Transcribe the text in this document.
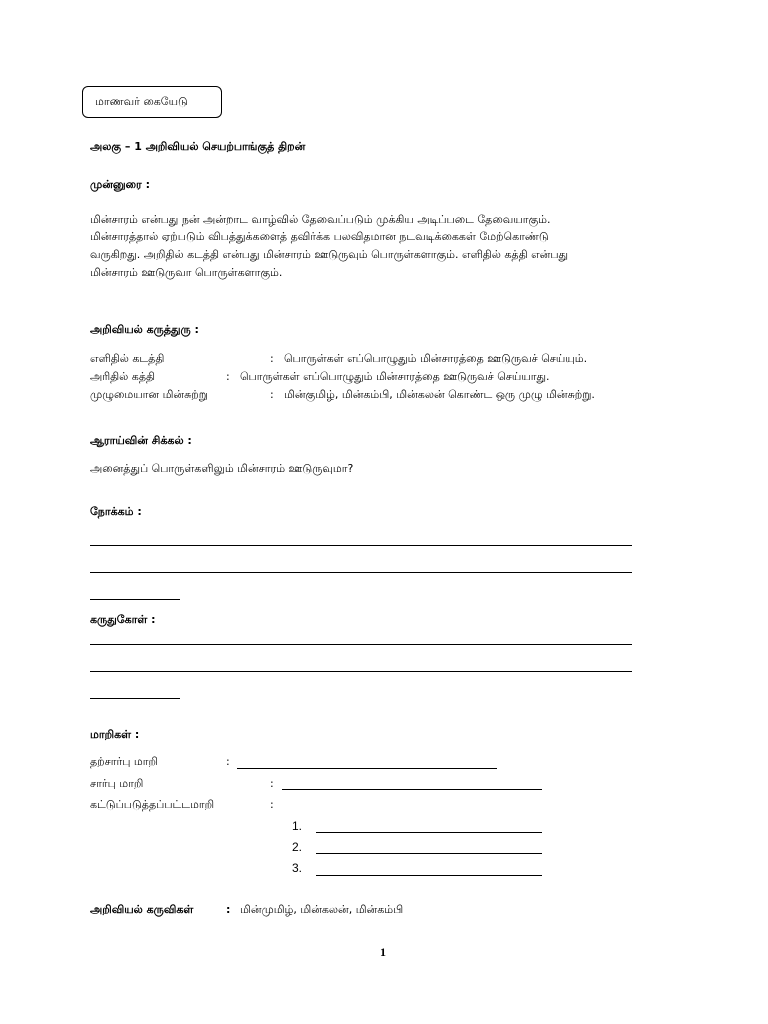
மாணவர் கையேடு
அலகு – 1 அறிவியல் செயற்பாங்குத் திறன்
முன்னுரை :
மின்சாரம் என்பது நன் அன்றாட வாழ்வில் தேவைப்படும் முக்கிய அடிப்படை தேவையாகும்.
மின்சாரத்தால் ஏற்படும் விபத்துக்களைத் தவிர்க்க பலவிதமான நடவடிக்கைகள் மேற்கொண்டு
வருகிறது. அறிதில் கடத்தி என்பது மின்சாரம் ஊடுருவும் பொருள்களாகும். எளிதில் கத்தி என்பது
மின்சாரம் ஊடுருவா பொருள்களாகும்.
அறிவியல் கருத்துரு :
எளிதில் கடத்தி	: பொருள்கள் எப்பொழுதும் மின்சாரத்தை ஊடுருவச் செய்யும்.
அரிதில் கத்தி	: பொருள்கள் எப்பொழுதும் மின்சாரத்தை ஊடுருவச் செய்யாது.
முழுமையான மின்சுற்று	: மின்குமிழ், மின்கம்பி, மின்கலன் கொண்ட ஒரு முழு மின்சுற்று.
ஆராய்வின் சிக்கல் :
அனைத்துப் பொருள்களிலும் மின்சாரம் ஊடுருவுமா?
நோக்கம் :
கருதுகோள் :
மாறிகள் :
தற்சார்பு மாறி	:
சார்பு மாறி	:
கட்டுப்படுத்தப்பட்டமாறி	:
1.
2.
3.
அறிவியல் கருவிகள்	: மின்முமிழ், மின்கலன், மின்கம்பி
1
